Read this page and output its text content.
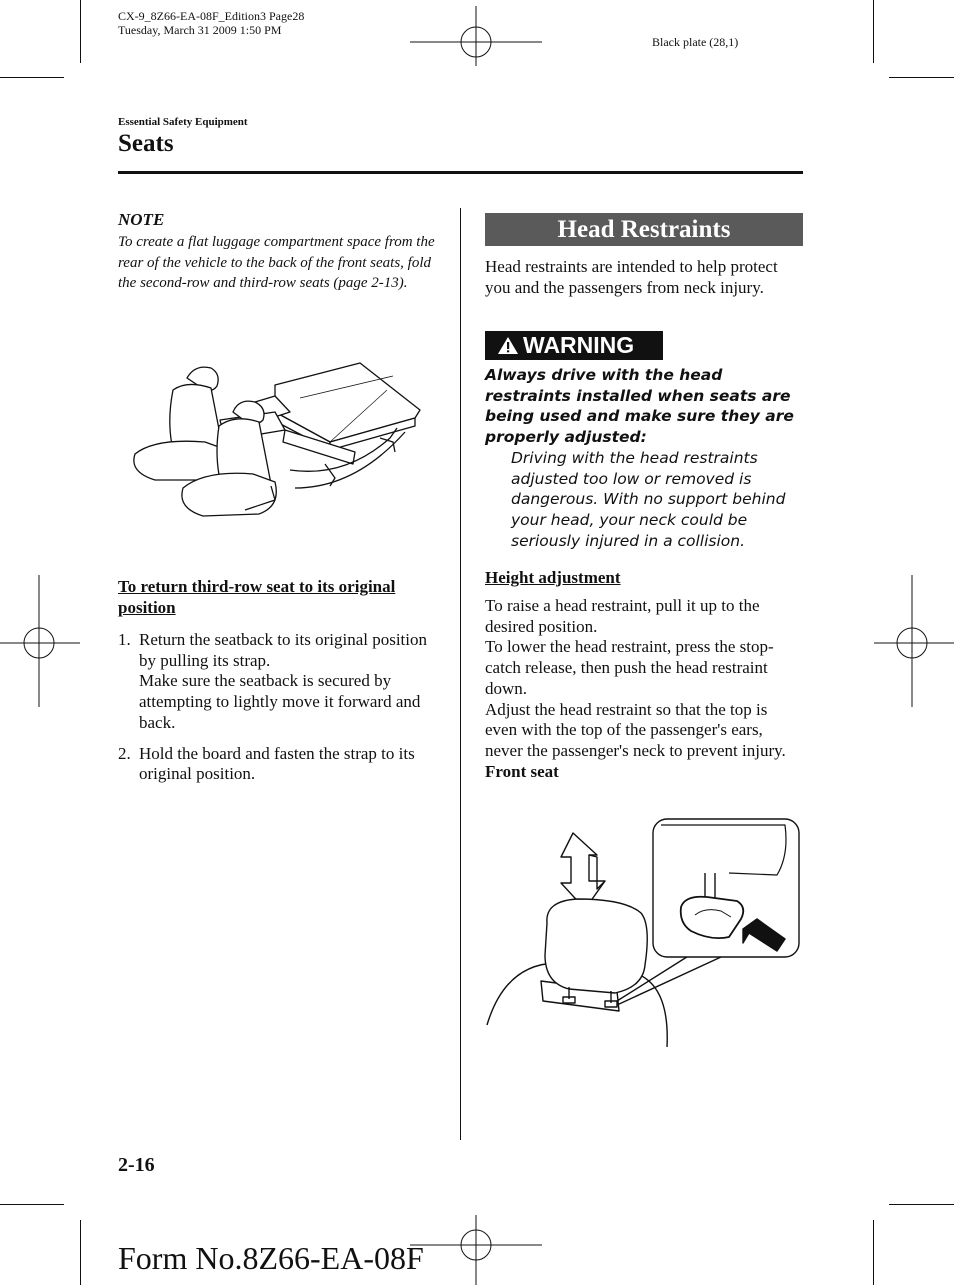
CX-9_8Z66-EA-08F_Edition3 Page28
Tuesday, March 31 2009 1:50 PM
Black plate (28,1)
Essential Safety Equipment
Seats
NOTE
To create a flat luggage compartment space from the rear of the vehicle to the back of the front seats, fold the second-row and third-row seats (page 2-13).
To return third-row seat to its original position
1. Return the seatback to its original position by pulling its strap.
Make sure the seatback is secured by attempting to lightly move it forward and back.
2. Hold the board and fasten the strap to its original position.
Head Restraints
Head restraints are intended to help protect you and the passengers from neck injury.
WARNING
Always drive with the head restraints installed when seats are being used and make sure they are properly adjusted:
Driving with the head restraints adjusted too low or removed is dangerous. With no support behind your head, your neck could be seriously injured in a collision.
Height adjustment

To raise a head restraint, pull it up to the desired position.

To lower the head restraint, press the stop-catch release, then push the head restraint down.

Adjust the head restraint so that the top is even with the top of the passenger's ears, never the passenger's neck to prevent injury.

Front seat

2-16
Form No.8Z66-EA-08F
